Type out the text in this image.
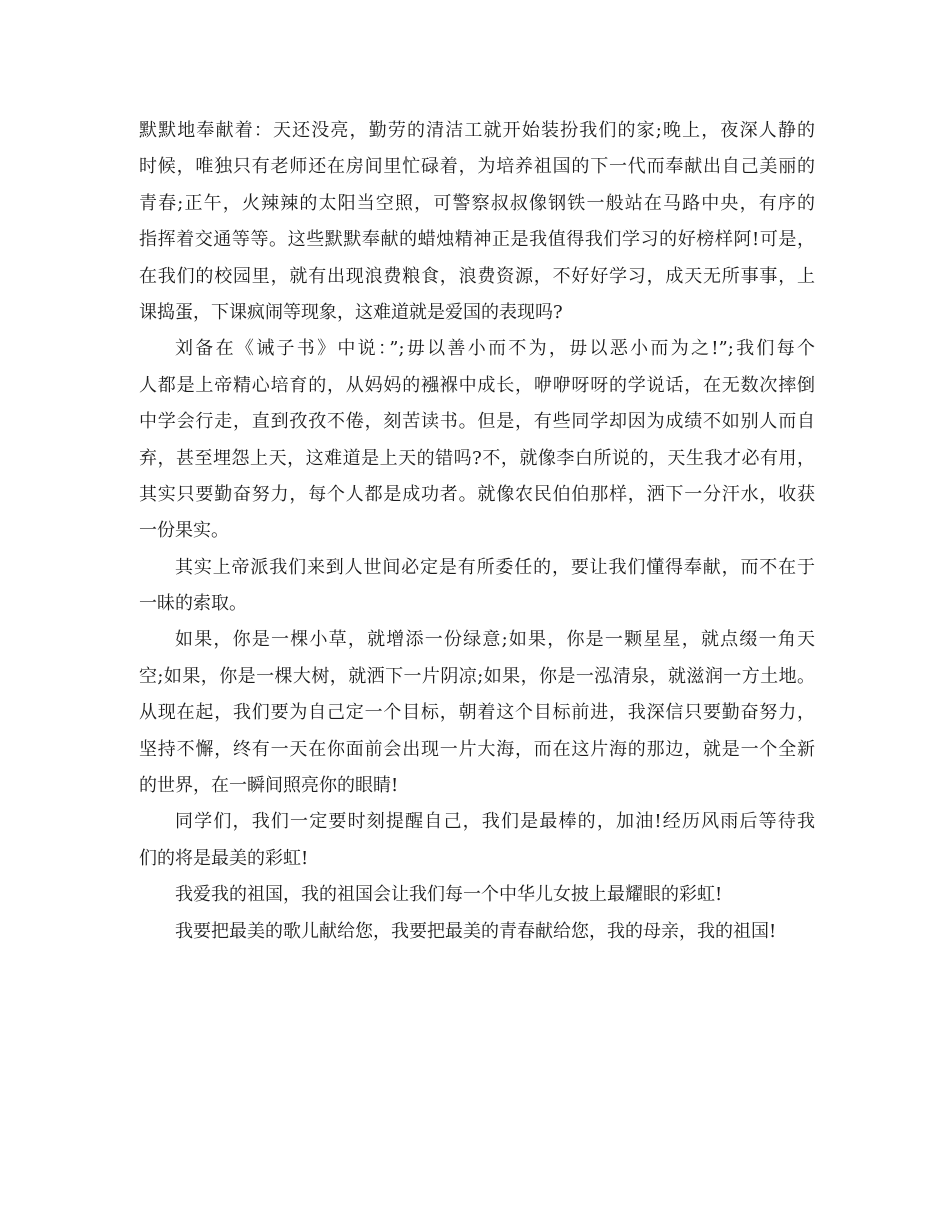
默默地奉献着：天还没亮，勤劳的清洁工就开始装扮我们的家;晚上，夜深人静的
时候，唯独只有老师还在房间里忙碌着，为培养祖国的下一代而奉献出自己美丽的
青春;正午，火辣辣的太阳当空照，可警察叔叔像钢铁一般站在马路中央，有序的
指挥着交通等等。这些默默奉献的蜡烛精神正是我值得我们学习的好榜样阿!可是，
在我们的校园里，就有出现浪费粮食，浪费资源，不好好学习，成天无所事事，上
课捣蛋，下课疯闹等现象，这难道就是爱国的表现吗?
刘备在《诫子书》中说：”;毋以善小而不为，毋以恶小而为之!”;我们每个
人都是上帝精心培育的，从妈妈的襁褓中成长，咿咿呀呀的学说话，在无数次摔倒
中学会行走，直到孜孜不倦，刻苦读书。但是，有些同学却因为成绩不如别人而自
弃，甚至埋怨上天，这难道是上天的错吗?不，就像李白所说的，天生我才必有用，
其实只要勤奋努力，每个人都是成功者。就像农民伯伯那样，洒下一分汗水，收获
一份果实。
其实上帝派我们来到人世间必定是有所委任的，要让我们懂得奉献，而不在于
一昧的索取。
如果，你是一棵小草，就增添一份绿意;如果，你是一颗星星，就点缀一角天
空;如果，你是一棵大树，就洒下一片阴凉;如果，你是一泓清泉，就滋润一方土地。
从现在起，我们要为自己定一个目标，朝着这个目标前进，我深信只要勤奋努力，
坚持不懈，终有一天在你面前会出现一片大海，而在这片海的那边，就是一个全新
的世界，在一瞬间照亮你的眼睛!
同学们，我们一定要时刻提醒自己，我们是最棒的，加油!经历风雨后等待我
们的将是最美的彩虹!
我爱我的祖国，我的祖国会让我们每一个中华儿女披上最耀眼的彩虹!
我要把最美的歌儿献给您，我要把最美的青春献给您，我的母亲，我的祖国!
